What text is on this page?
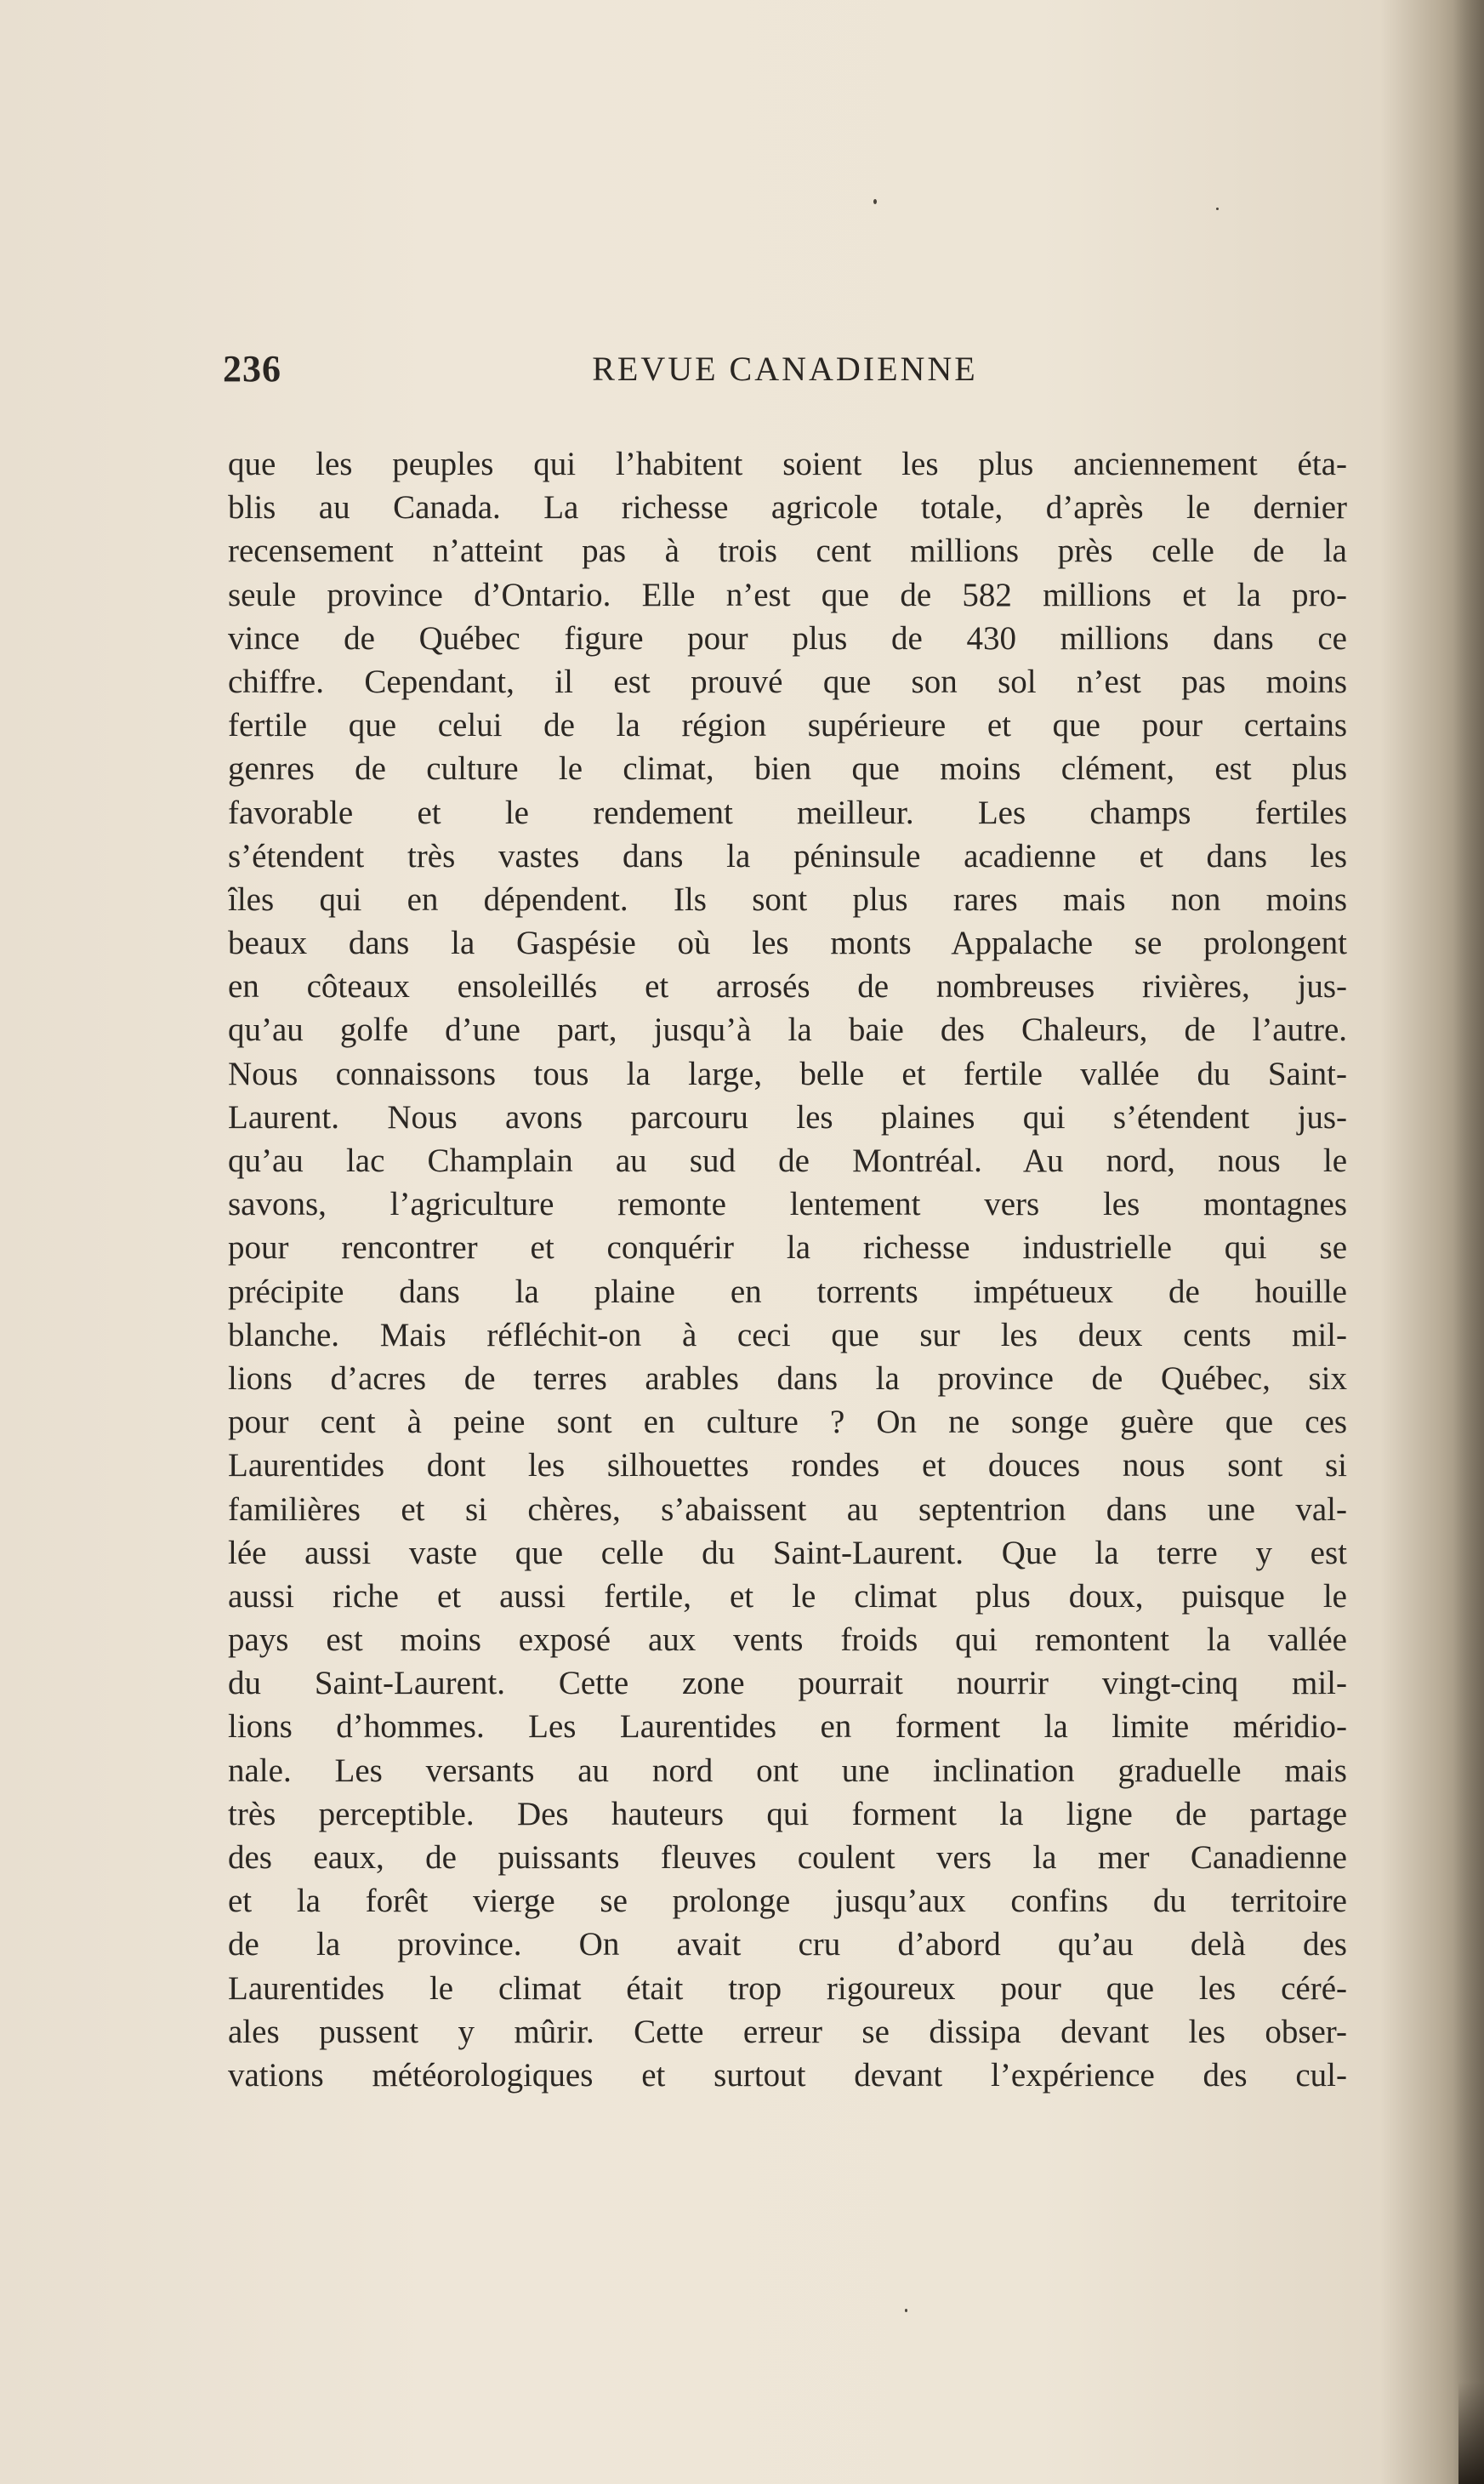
236	REVUE CANADIENNE
que les peuples qui l’habitent soient les plus anciennement éta-
blis au Canada. La richesse agricole totale, d’après le dernier
recensement n’atteint pas à trois cent millions près celle de la
seule province d’Ontario. Elle n’est que de 582 millions et la pro-
vince de Québec figure pour plus de 430 millions dans ce
chiffre. Cependant, il est prouvé que son sol n’est pas moins
fertile que celui de la région supérieure et que pour certains
genres de culture le climat, bien que moins clément, est plus
favorable et le rendement meilleur. Les champs fertiles
s’étendent très vastes dans la péninsule acadienne et dans les
îles qui en dépendent. Ils sont plus rares mais non moins
beaux dans la Gaspésie où les monts Appalache se prolongent
en côteaux ensoleillés et arrosés de nombreuses rivières, jus-
qu’au golfe d’une part, jusqu’à la baie des Chaleurs, de l’autre.
Nous connaissons tous la large, belle et fertile vallée du Saint-
Laurent. Nous avons parcouru les plaines qui s’étendent jus-
qu’au lac Champlain au sud de Montréal. Au nord, nous le
savons, l’agriculture remonte lentement vers les montagnes
pour rencontrer et conquérir la richesse industrielle qui se
précipite dans la plaine en torrents impétueux de houille
blanche. Mais réfléchit-on à ceci que sur les deux cents mil-
lions d’acres de terres arables dans la province de Québec, six
pour cent à peine sont en culture ? On ne songe guère que ces
Laurentides dont les silhouettes rondes et douces nous sont si
familières et si chères, s’abaissent au septentrion dans une val-
lée aussi vaste que celle du Saint-Laurent. Que la terre y est
aussi riche et aussi fertile, et le climat plus doux, puisque le
pays est moins exposé aux vents froids qui remontent la vallée
du Saint-Laurent. Cette zone pourrait nourrir vingt-cinq mil-
lions d’hommes. Les Laurentides en forment la limite méridio-
nale. Les versants au nord ont une inclination graduelle mais
très perceptible. Des hauteurs qui forment la ligne de partage
des eaux, de puissants fleuves coulent vers la mer Canadienne
et la forêt vierge se prolonge jusqu’aux confins du territoire
de la province. On avait cru d’abord qu’au delà des
Laurentides le climat était trop rigoureux pour que les céré-
ales pussent y mûrir. Cette erreur se dissipa devant les obser-
vations météorologiques et surtout devant l’expérience des cul-
